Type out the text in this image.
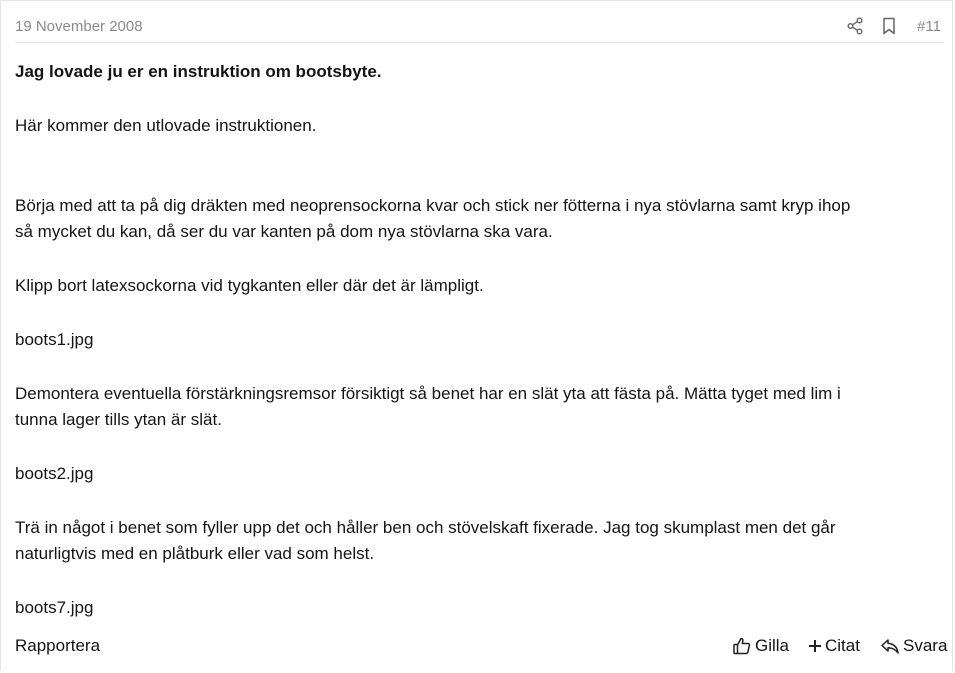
19 November 2008	#11

Jag lovade ju er en instruktion om bootsbyte.

Här kommer den utlovade instruktionen.

Börja med att ta på dig dräkten med neoprensockorna kvar och stick ner fötterna i nya stövlarna samt kryp ihop

så mycket du kan, då ser du var kanten på dom nya stövlarna ska vara.

Klipp bort latexsockorna vid tygkanten eller där det är lämpligt.

boots1.jpg

Demontera eventuella förstärkningsremsor försiktigt så benet har en slät yta att fästa på. Mätta tyget med lim i

tunna lager tills ytan är slät.

boots2.jpg

Trä in något i benet som fyller upp det och håller ben och stövelskaft fixerade. Jag tog skumplast men det går

naturligtvis med en plåtburk eller vad som helst.

boots7.jpg

Rapportera	Gilla Citat	Svara
